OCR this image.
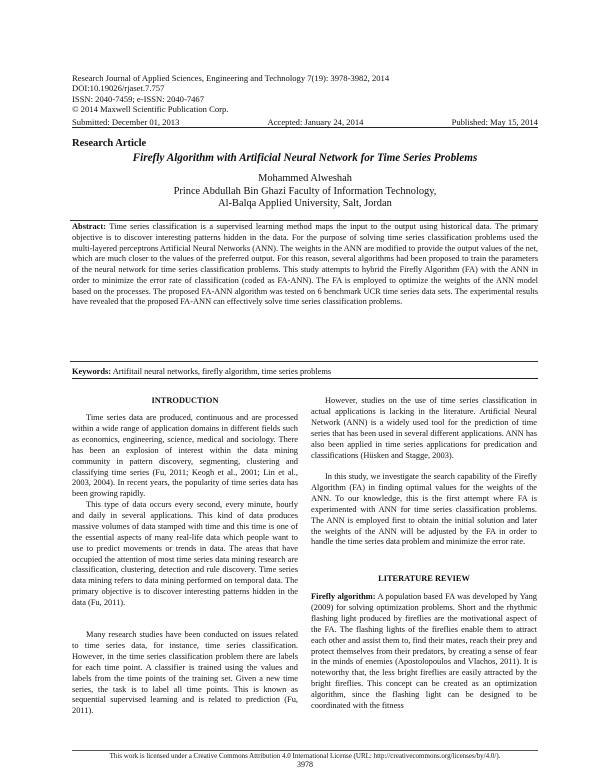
Research Journal of Applied Sciences, Engineering and Technology 7(19): 3978-3982, 2014
DOI:10.19026/rjaset.7.757
ISSN: 2040-7459; e-ISSN: 2040-7467
© 2014 Maxwell Scientific Publication Corp.
Submitted: December 01, 2013	Accepted: January 24, 2014	Published: May 15, 2014
Research Article
Firefly Algorithm with Artificial Neural Network for Time Series Problems
Mohammed Alweshah
Prince Abdullah Bin Ghazi Faculty of Information Technology,
Al-Balqa Applied University, Salt, Jordan
Abstract: Time series classification is a supervised learning method maps the input to the output using historical data. The primary objective is to discover interesting patterns hidden in the data. For the purpose of solving time series classification problems used the multi-layered perceptrons Artificial Neural Networks (ANN). The weights in the ANN are modified to provide the output values of the net, which are much closer to the values of the preferred output. For this reason, several algorithms had been proposed to train the parameters of the neural network for time series classification problems. This study attempts to hybrid the Firefly Algorithm (FA) with the ANN in order to minimize the error rate of classification (coded as FA-ANN). The FA is employed to optimize the weights of the ANN model based on the processes. The proposed FA-ANN algorithm was tested on 6 benchmark UCR time series data sets. The experimental results have revealed that the proposed FA-ANN can effectively solve time series classification problems.
Keywords: Artifitail neural networks, firefly algorithm, time series problems
INTRODUCTION
Time series data are produced, continuous and are processed within a wide range of application domains in different fields such as economics, engineering, science, medical and sociology. There has been an explosion of interest within the data mining community in pattern discovery, segmenting, clustering and classifying time series (Fu, 2011; Keogh et al., 2001; Lin et al., 2003, 2004). In recent years, the popularity of time series data has been growing rapidly.
This type of data occurs every second, every minute, hourly and daily in several applications. This kind of data produces massive volumes of data stamped with time and this time is one of the essential aspects of many real-life data which people want to use to predict movements or trends in data. The areas that have occupied the attention of most time series data mining research are classification, clustering, detection and rule discovery. Time series data mining refers to data mining performed on temporal data. The primary objective is to discover interesting patterns hidden in the data (Fu, 2011).
Many research studies have been conducted on issues related to time series data, for instance, time series classification. However, in the time series classification problem there are labels for each time point. A classifier is trained using the values and labels from the time points of the training set. Given a new time series, the task is to label all time points. This is known as sequential supervised learning and is related to prediction (Fu, 2011).
However, studies on the use of time series classification in actual applications is lacking in the literature. Artificial Neural Network (ANN) is a widely used tool for the prediction of time series that has been used in several different applications. ANN has also been applied in time series applications for predication and classifications (Hüsken and Stagge, 2003).
In this study, we investigate the search capability of the Firefly Algorithm (FA) in finding optimal values for the weights of the ANN. To our knowledge, this is the first attempt where FA is experimented with ANN for time series classification problems. The ANN is employed first to obtain the initial solution and later the weights of the ANN will be adjusted by the FA in order to handle the time series data problem and minimize the error rate.
LITERATURE REVIEW
Firefly algorithm: A population based FA was developed by Yang (2009) for solving optimization problems. Short and the rhythmic flashing light produced by fireflies are the motivational aspect of the FA. The flashing lights of the fireflies enable them to attract each other and assist them to, find their mates, reach their prey and protect themselves from their predators, by creating a sense of fear in the minds of enemies (Apostolopoulos and Vlachos, 2011). It is noteworthy that, the less bright fireflies are easily attracted by the bright fireflies. This concept can be created as an optimization algorithm, since the flashing light can be designed to be coordinated with the fitness
This work is licensed under a Creative Commons Attribution 4.0 International License (URL: http://creativecommons.org/licenses/by/4.0/).
3978
